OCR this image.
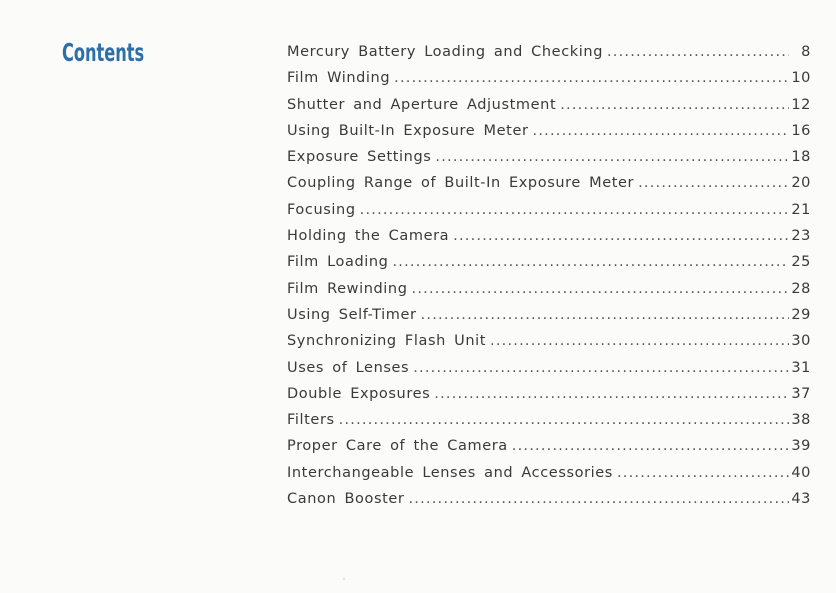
Contents	Mercury Battery Loading and Checking .....	8
Film Winding .....	10
Shutter and Aperture Adjustment .....	12
Using Built-In Exposure Meter .....	16
Exposure Settings .....	18
Coupling Range of Built-In Exposure Meter .....	20
Focusing .....	21
Holding the Camera .....	23
Film Loading .....	25
Film Rewinding .....	28
Using Self-Timer .....	29
Synchronizing Flash Unit .....	30
Uses of Lenses .....	31
Double Exposures .....	37
Filters .....	38
Proper Care of the Camera .....	39
Interchangeable Lenses and Accessories .....	40
Canon Booster .....	43
